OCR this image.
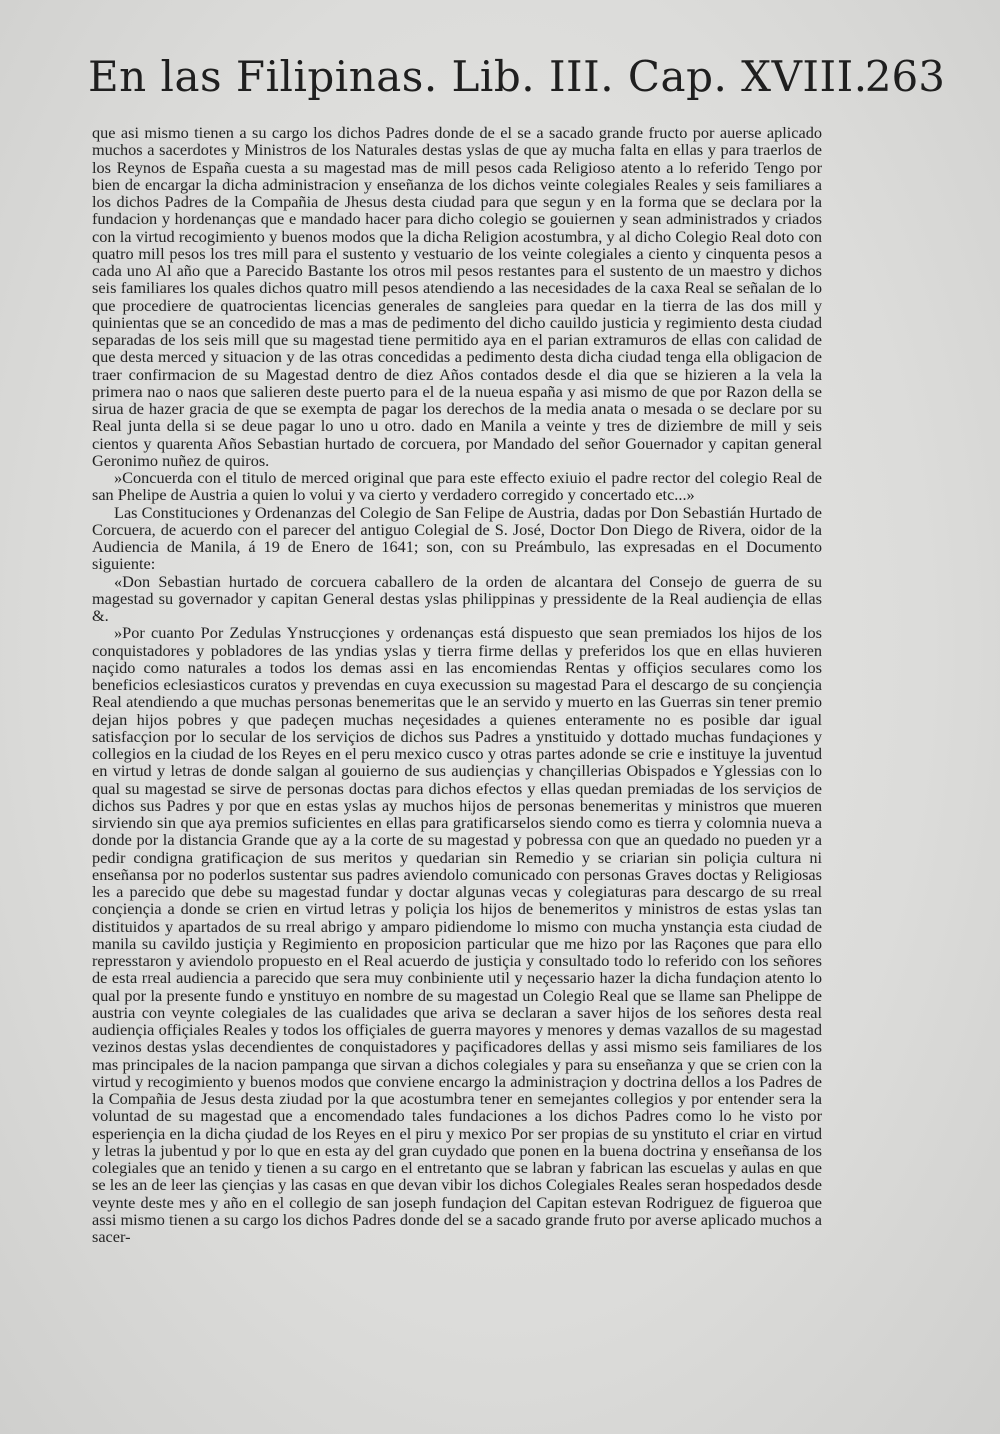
En las Filipinas. Lib. III. Cap. XVIII.
263

que asi mismo tienen a su cargo los dichos Padres donde de el se a sacado grande fructo por auerse aplicado muchos a sacerdotes y Ministros de los Naturales destas yslas de que ay mucha falta en ellas y para traerlos de los Reynos de España cuesta a su magestad mas de mill pesos cada Religioso atento a lo referido Tengo por bien de encargar la dicha administracion y enseñanza de los dichos veinte colegiales Reales y seis familiares a los dichos Padres de la Compañia de Jhesus desta ciudad para que segun y en la forma que se declara por la fundacion y hordenanças que e mandado hacer para dicho colegio se gouiernen y sean administrados y criados con la virtud recogimiento y buenos modos que la dicha Religion acostumbra, y al dicho Colegio Real doto con quatro mill pesos los tres mill para el sustento y vestuario de los veinte colegiales a ciento y cinquenta pesos a cada uno Al año que a Parecido Bastante los otros mil pesos restantes para el sustento de un maestro y dichos seis familiares los quales dichos quatro mill pesos atendiendo a las necesidades de la caxa Real se señalan de lo que procediere de quatrocientas licencias generales de sangleies para quedar en la tierra de las dos mill y quinientas que se an concedido de mas a mas de pedimento del dicho cauildo justicia y regimiento desta ciudad separadas de los seis mill que su magestad tiene permitido aya en el parian extramuros de ellas con calidad de que desta merced y situacion y de las otras concedidas a pedimento desta dicha ciudad tenga ella obligacion de traer confirmacion de su Magestad dentro de diez Años contados desde el dia que se hizieren a la vela la primera nao o naos que salieren deste puerto para el de la nueua españa y asi mismo de que por Razon della se sirua de hazer gracia de que se exempta de pagar los derechos de la media anata o mesada o se declare por su Real junta della si se deue pagar lo uno u otro. dado en Manila a veinte y tres de diziembre de mill y seis cientos y quarenta Años Sebastian hurtado de corcuera, por Mandado del señor Gouernador y capitan general Geronimo nuñez de quiros.

»Concuerda con el titulo de merced original que para este effecto exiuio el padre rector del colegio Real de san Phelipe de Austria a quien lo volui y va cierto y verdadero corregido y concertado etc...»

Las Constituciones y Ordenanzas del Colegio de San Felipe de Austria, dadas por Don Sebastián Hurtado de Corcuera, de acuerdo con el parecer del antiguo Colegial de S. José, Doctor Don Diego de Rivera, oidor de la Audiencia de Manila, á 19 de Enero de 1641; son, con su Preámbulo, las expresadas en el Documento siguiente:

«Don Sebastian hurtado de corcuera caballero de la orden de alcantara del Consejo de guerra de su magestad su governador y capitan General destas yslas philippinas y pressidente de la Real audiençia de ellas &.

»Por cuanto Por Zedulas Ynstrucçiones y ordenanças está dispuesto que sean premiados los hijos de los conquistadores y pobladores de las yndias yslas y tierra firme dellas y preferidos los que en ellas huvieren naçido como naturales a todos los demas assi en las encomiendas Rentas y offiçios seculares como los beneficios eclesiasticos curatos y prevendas en cuya execussion su magestad Para el descargo de su conçiençia Real atendiendo a que muchas personas benemeritas que le an servido y muerto en las Guerras sin tener premio dejan hijos pobres y que padeçen muchas neçesidades a quienes enteramente no es posible dar igual satisfacçion por lo secular de los serviçios de dichos sus Padres a ynstituido y dottado muchas fundaçiones y collegios en la ciudad de los Reyes en el peru mexico cusco y otras partes adonde se crie e instituye la juventud en virtud y letras de donde salgan al gouierno de sus audiençias y chançillerias Obispados e Yglessias con lo qual su magestad se sirve de personas doctas para dichos efectos y ellas quedan premiadas de los serviçios de dichos sus Padres y por que en estas yslas ay muchos hijos de personas benemeritas y ministros que mueren sirviendo sin que aya premios suficientes en ellas para gratificarselos siendo como es tierra y colomnia nueva a donde por la distancia Grande que ay a la corte de su magestad y pobressa con que an quedado no pueden yr a pedir condigna gratificaçion de sus meritos y quedarian sin Remedio y se criarian sin poliçia cultura ni enseñansa por no poderlos sustentar sus padres aviendolo comunicado con personas Graves doctas y Religiosas les a parecido que debe su magestad fundar y doctar algunas vecas y colegiaturas para descargo de su rreal conçiençia a donde se crien en virtud letras y poliçia los hijos de benemeritos y ministros de estas yslas tan distituidos y apartados de su rreal abrigo y amparo pidiendome lo mismo con mucha ynstançia esta ciudad de manila su cavildo justiçia y Regimiento en proposicion particular que me hizo por las Raçones que para ello represstaron y aviendolo propuesto en el Real acuerdo de justiçia y consultado todo lo referido con los señores de esta rreal audiencia a parecido que sera muy conbiniente util y neçessario hazer la dicha fundaçion atento lo qual por la presente fundo e ynstituyo en nombre de su magestad un Colegio Real que se llame san Phelippe de austria con veynte colegiales de las cualidades que ariva se declaran a saver hijos de los señores desta real audiençia offiçiales Reales y todos los offiçiales de guerra mayores y menores y demas vazallos de su magestad vezinos destas yslas decendientes de conquistadores y paçificadores dellas y assi mismo seis familiares de los mas principales de la nacion pampanga que sirvan a dichos colegiales y para su enseñanza y que se crien con la virtud y recogimiento y buenos modos que conviene encargo la administraçion y doctrina dellos a los Padres de la Compañia de Jesus desta ziudad por la que acostumbra tener en semejantes collegios y por entender sera la voluntad de su magestad que a encomendado tales fundaciones a los dichos Padres como lo he visto por esperiençia en la dicha çiudad de los Reyes en el piru y mexico Por ser propias de su ynstituto el criar en virtud y letras la jubentud y por lo que en esta ay del gran cuydado que ponen en la buena doctrina y enseñansa de los colegiales que an tenido y tienen a su cargo en el entretanto que se labran y fabrican las escuelas y aulas en que se les an de leer las çiençias y las casas en que devan vibir los dichos Colegiales Reales seran hospedados desde veynte deste mes y año en el collegio de san joseph fundaçion del Capitan estevan Rodriguez de figueroa que assi mismo tienen a su cargo los dichos Padres donde del se a sacado grande fruto por averse aplicado muchos a sacer-
